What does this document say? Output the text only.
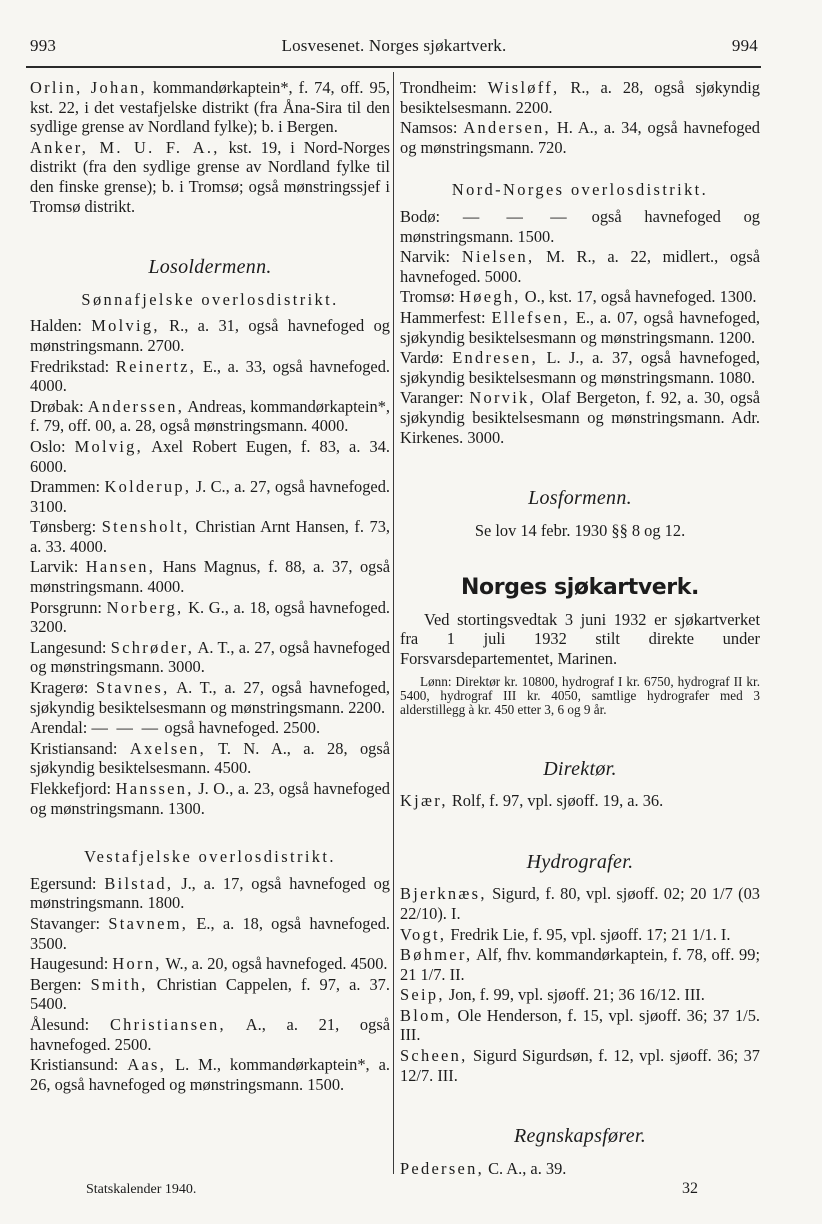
993	Losvesenet. Norges sjøkartverk.	994
Orlin, Johan, kommandørkaptein*, f. 74, off. 95, kst. 22, i det vestafjelske distrikt (fra Åna-Sira til den sydlige grense av Nordland fylke); b. i Bergen.
Anker, M. U. F. A., kst. 19, i Nord-Norges distrikt (fra den sydlige grense av Nordland fylke til den finske grense); b. i Tromsø; også mønstringssjef i Tromsø distrikt.
Losoldermenn.
Sønnafjelske overlosdistrikt.
Halden: Molvig, R., a. 31, også havnefoged og mønstringsmann. 2700.
Fredrikstad: Reinertz, E., a. 33, også havnefoged. 4000.
Drøbak: Anderssen, Andreas, kommandørkaptein*, f. 79, off. 00, a. 28, også mønstringsmann. 4000.
Oslo: Molvig, Axel Robert Eugen, f. 83, a. 34. 6000.
Drammen: Kolderup, J. C., a. 27, også havnefoged. 3100.
Tønsberg: Stensholt, Christian Arnt Hansen, f. 73, a. 33. 4000.
Larvik: Hansen, Hans Magnus, f. 88, a. 37, også mønstringsmann. 4000.
Porsgrunn: Norberg, K. G., a. 18, også havnefoged. 3200.
Langesund: Schrøder, A. T., a. 27, også havnefoged og mønstringsmann. 3000.
Kragerø: Stavnes, A. T., a. 27, også havnefoged, sjøkyndig besiktelsesmann og mønstringsmann. 2200.
Arendal: — — — også havnefoged. 2500.
Kristiansand: Axelsen, T. N. A., a. 28, også sjøkyndig besiktelsesmann. 4500.
Flekkefjord: Hanssen, J. O., a. 23, også havnefoged og mønstringsmann. 1300.
Vestafjelske overlosdistrikt.
Egersund: Bilstad, J., a. 17, også havnefoged og mønstringsmann. 1800.
Stavanger: Stavnem, E., a. 18, også havnefoged. 3500.
Haugesund: Horn, W., a. 20, også havnefoged. 4500.
Bergen: Smith, Christian Cappelen, f. 97, a. 37. 5400.
Ålesund: Christiansen, A., a. 21, også havnefoged. 2500.
Kristiansund: Aas, L. M., kommandørkaptein*, a. 26, også havnefoged og mønstringsmann. 1500.
Trondheim: Wisløff, R., a. 28, også sjøkyndig besiktelsesmann. 2200.
Namsos: Andersen, H. A., a. 34, også havnefoged og mønstringsmann. 720.
Nord-Norges overlosdistrikt.
Bodø: — — — også havnefoged og mønstringsmann. 1500.
Narvik: Nielsen, M. R., a. 22, midlert., også havnefoged. 5000.
Tromsø: Høegh, O., kst. 17, også havnefoged. 1300.
Hammerfest: Ellefsen, E., a. 07, også havnefoged, sjøkyndig besiktelsesmann og mønstringsmann. 1200.
Vardø: Endresen, L. J., a. 37, også havnefoged, sjøkyndig besiktelsesmann og mønstringsmann. 1080.
Varanger: Norvik, Olaf Bergeton, f. 92, a. 30, også sjøkyndig besiktelsesmann og mønstringsmann. Adr. Kirkenes. 3000.
Losformenn.
Se lov 14 febr. 1930 §§ 8 og 12.
Norges sjøkartverk.
Ved stortingsvedtak 3 juni 1932 er sjøkartverket fra 1 juli 1932 stilt direkte under Forsvarsdepartementet, Marinen.
Lønn: Direktør kr. 10800, hydrograf I kr. 6750, hydrograf II kr. 5400, hydrograf III kr. 4050, samtlige hydrografer med 3 alderstillegg à kr. 450 etter 3, 6 og 9 år.
Direktør.
Kjær, Rolf, f. 97, vpl. sjøoff. 19, a. 36.
Hydrografer.
Bjerknæs, Sigurd, f. 80, vpl. sjøoff. 02; 20 1/7 (03 22/10). I.
Vogt, Fredrik Lie, f. 95, vpl. sjøoff. 17; 21 1/1. I.
Bøhmer, Alf, fhv. kommandørkaptein, f. 78, off. 99; 21 1/7. II.
Seip, Jon, f. 99, vpl. sjøoff. 21; 36 16/12. III.
Blom, Ole Henderson, f. 15, vpl. sjøoff. 36; 37 1/5. III.
Scheen, Sigurd Sigurdsøn, f. 12, vpl. sjøoff. 36; 37 12/7. III.
Regnskapsfører.
Pedersen, C. A., a. 39.
Statskalender 1940.	32
